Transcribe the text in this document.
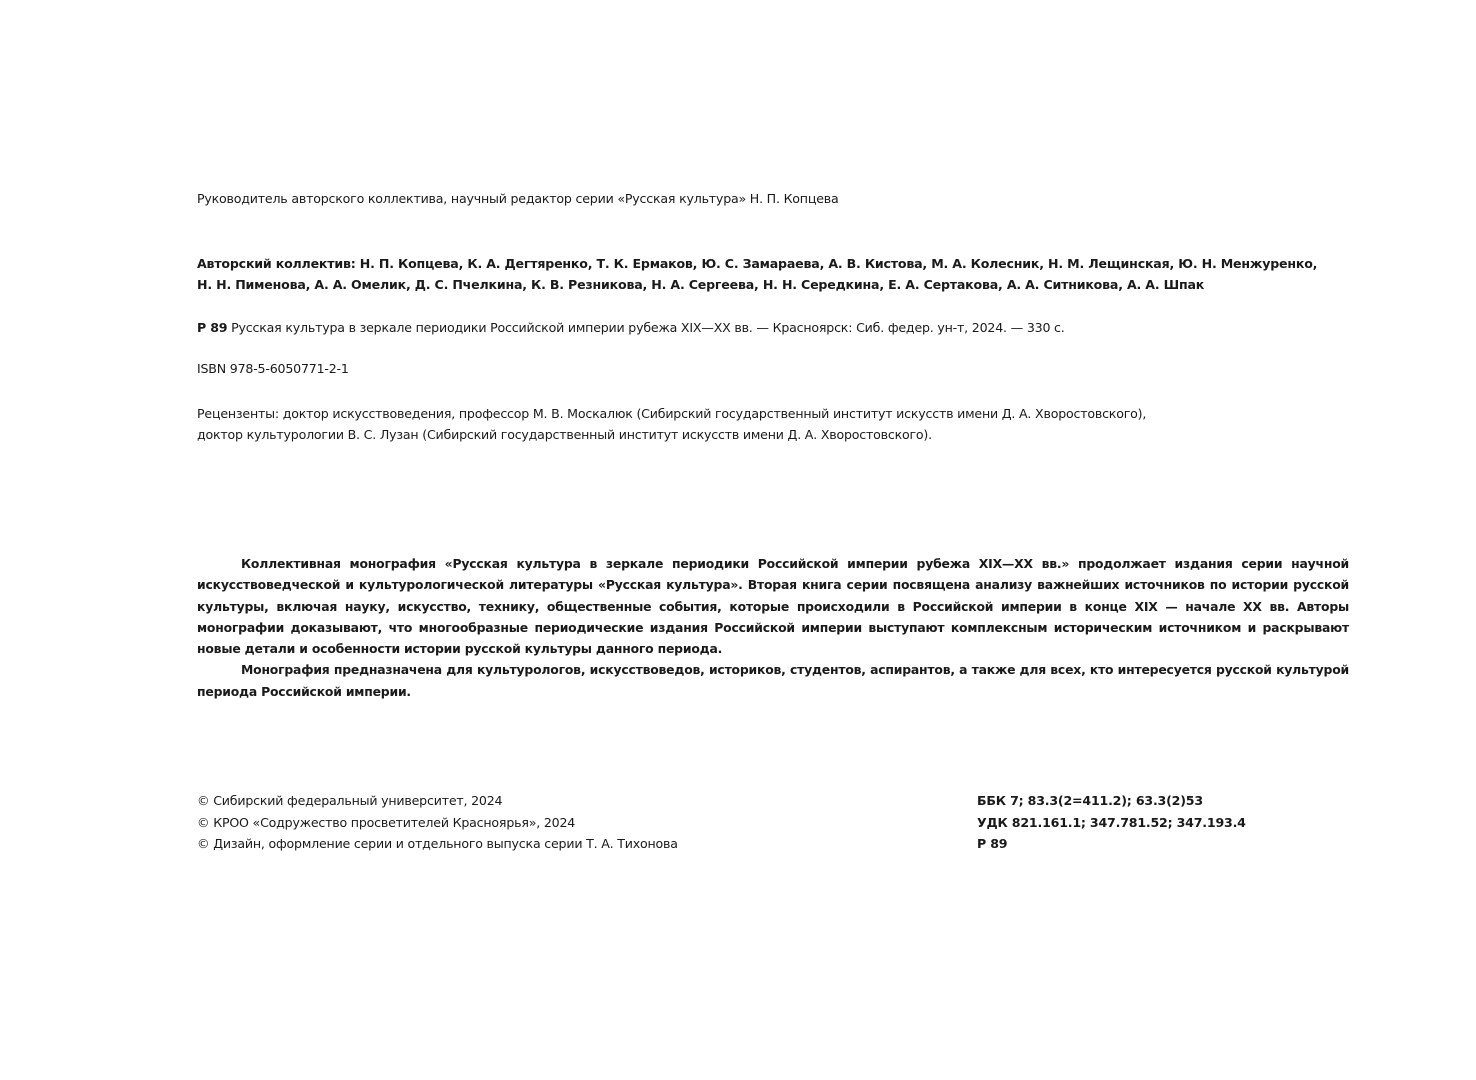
Руководитель авторского коллектива, научный редактор серии «Русская культура» Н. П. Копцева
Авторский коллектив: Н. П. Копцева, К. А. Дегтяренко, Т. К. Ермаков, Ю. С. Замараева, А. В. Кистова, М. А. Колесник, Н. М. Лещинская, Ю. Н. Менжуренко,
Н. Н. Пименова, А. А. Омелик, Д. С. Пчелкина, К. В. Резникова, Н. А. Сергеева, Н. Н. Середкина, Е. А. Сертакова, А. А. Ситникова, А. А. Шпак
Р 89 Русская культура в зеркале периодики Российской империи рубежа XIX—XX вв. — Красноярск: Сиб. федер. ун-т, 2024. — 330 с.
ISBN 978-5-6050771-2-1
Рецензенты: доктор искусствоведения, профессор М. В. Москалюк (Сибирский государственный институт искусств имени Д. А. Хворостовского),
доктор культурологии В. С. Лузан (Сибирский государственный институт искусств имени Д. А. Хворостовского).

Коллективная монография «Русская культура в зеркале периодики Российской империи рубежа XIX—XX вв.» продолжает издания серии научной искусствоведческой и культурологической литературы «Русская культура». Вторая книга серии посвящена анализу важнейших источников по истории русской культуры, включая науку, искусство, технику, общественные события, которые происходили в Российской империи в конце XIX — начале XX вв. Авторы монографии доказывают, что многообразные периодические издания Российской империи выступают комплексным историческим источником и раскрывают новые детали и особенности истории русской культуры данного периода.

Монография предназначена для культурологов, искусствоведов, историков, студентов, аспирантов, а также для всех, кто интересуется русской культурой периода Российской империи.

© Сибирский федеральный университет, 2024
© КРОО «Содружество просветителей Красноярья», 2024
© Дизайн, оформление серии и отдельного выпуска серии Т. А. Тихонова
ББК 7; 83.3(2=411.2); 63.3(2)53
УДК 821.161.1; 347.781.52; 347.193.4
Р 89
